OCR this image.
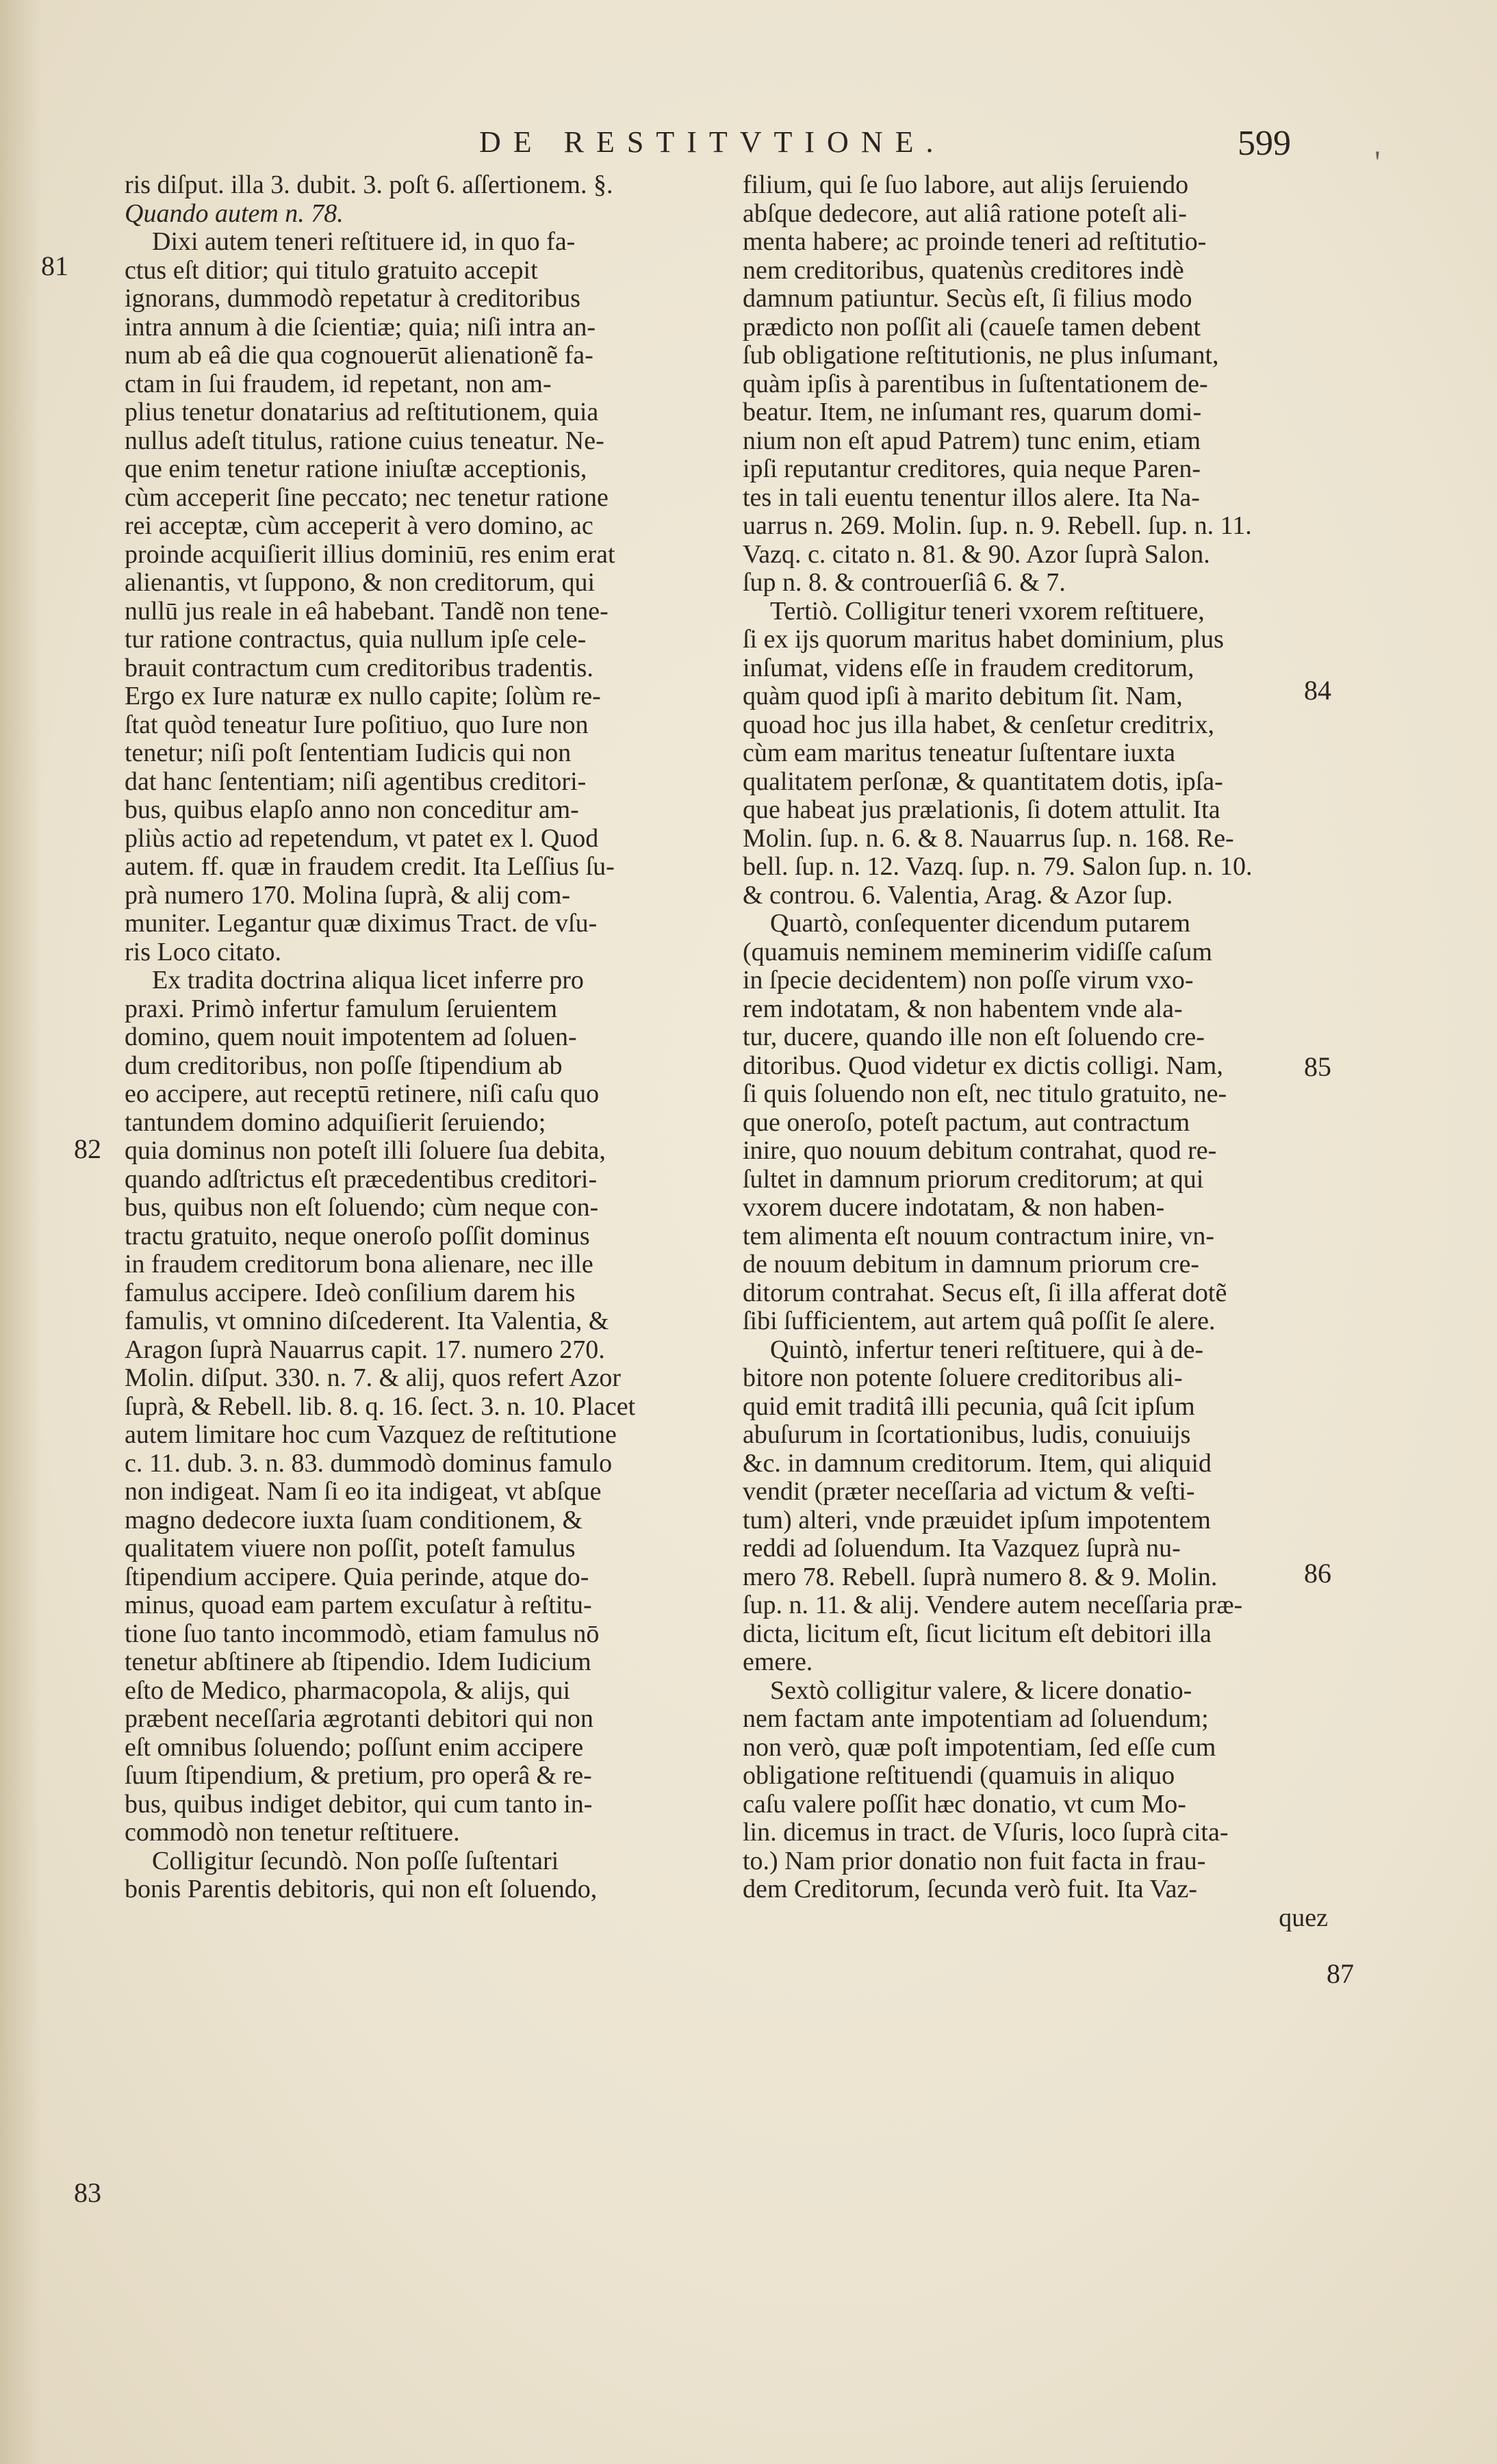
DE RESTITVTIONE.	599	'
ris diſput. illa 3. dubit. 3. poſt 6. aſſertionem. §.
Quando autem n. 78.
Dixi autem teneri reſtituere id, in quo fa-
ctus eſt ditior; qui titulo gratuito accepit
ignorans, dummodò repetatur à creditoribus
intra annum à die ſcientiæ; quia; niſi intra an-
num ab eâ die qua cognouerūt alienationẽ fa-
ctam in ſui fraudem, id repetant, non am-
plius tenetur donatarius ad reſtitutionem, quia
nullus adeſt titulus, ratione cuius teneatur. Ne-
que enim tenetur ratione iniuſtæ acceptionis,
cùm acceperit ſine peccato; nec tenetur ratione
rei acceptæ, cùm acceperit à vero domino, ac
proinde acquiſierit illius dominiū, res enim erat
alienantis, vt ſuppono, & non creditorum, qui
nullū jus reale in eâ habebant. Tandẽ non tene-
tur ratione contractus, quia nullum ipſe cele-
brauit contractum cum creditoribus tradentis.
Ergo ex Iure naturæ ex nullo capite; ſolùm re-
ſtat quòd teneatur Iure poſitiuo, quo Iure non
tenetur; niſi poſt ſententiam Iudicis qui non
dat hanc ſententiam; niſi agentibus creditori-
bus, quibus elapſo anno non conceditur am-
pliùs actio ad repetendum, vt patet ex l. Quod
autem. ff. quæ in fraudem credit. Ita Leſſius ſu-
prà numero 170. Molina ſuprà, & alij com-
muniter. Legantur quæ diximus Tract. de vſu-
ris Loco citato.
Ex tradita doctrina aliqua licet inferre pro
praxi. Primò infertur famulum ſeruientem
domino, quem nouit impotentem ad ſoluen-
dum creditoribus, non poſſe ſtipendium ab
eo accipere, aut receptū retinere, niſi caſu quo
tantundem domino adquiſierit ſeruiendo;
quia dominus non poteſt illi ſoluere ſua debita,
quando adſtrictus eſt præcedentibus creditori-
bus, quibus non eſt ſoluendo; cùm neque con-
tractu gratuito, neque oneroſo poſſit dominus
in fraudem creditorum bona alienare, nec ille
famulus accipere. Ideò conſilium darem his
famulis, vt omnino diſcederent. Ita Valentia, &
Aragon ſuprà Nauarrus capit. 17. numero 270.
Molin. diſput. 330. n. 7. & alij, quos refert Azor
ſuprà, & Rebell. lib. 8. q. 16. ſect. 3. n. 10. Placet
autem limitare hoc cum Vazquez de reſtitutione
c. 11. dub. 3. n. 83. dummodò dominus famulo
non indigeat. Nam ſi eo ita indigeat, vt abſque
magno dedecore iuxta ſuam conditionem, &
qualitatem viuere non poſſit, poteſt famulus
ſtipendium accipere. Quia perinde, atque do-
minus, quoad eam partem excuſatur à reſtitu-
tione ſuo tanto incommodò, etiam famulus nō
tenetur abſtinere ab ſtipendio. Idem Iudicium
eſto de Medico, pharmacopola, & alijs, qui
præbent neceſſaria ægrotanti debitori qui non
eſt omnibus ſoluendo; poſſunt enim accipere
ſuum ſtipendium, & pretium, pro operâ & re-
bus, quibus indiget debitor, qui cum tanto in-
commodò non tenetur reſtituere.
Colligitur ſecundò. Non poſſe ſuſtentari
bonis Parentis debitoris, qui non eſt ſoluendo,
filium, qui ſe ſuo labore, aut alijs ſeruiendo
abſque dedecore, aut aliâ ratione poteſt ali-
menta habere; ac proinde teneri ad reſtitutio-
nem creditoribus, quatenùs creditores indè
damnum patiuntur. Secùs eſt, ſi filius modo
prædicto non poſſit ali (caueſe tamen debent
ſub obligatione reſtitutionis, ne plus inſumant,
quàm ipſis à parentibus in ſuſtentationem de-
beatur. Item, ne inſumant res, quarum domi-
nium non eſt apud Patrem) tunc enim, etiam
ipſi reputantur creditores, quia neque Paren-
tes in tali euentu tenentur illos alere. Ita Na-
uarrus n. 269. Molin. ſup. n. 9. Rebell. ſup. n. 11.
Vazq. c. citato n. 81. & 90. Azor ſuprà Salon.
ſup n. 8. & controuerſiâ 6. & 7.
Tertiò. Colligitur teneri vxorem reſtituere,
ſi ex ijs quorum maritus habet dominium, plus
inſumat, videns eſſe in fraudem creditorum,
quàm quod ipſi à marito debitum ſit. Nam,
quoad hoc jus illa habet, & cenſetur creditrix,
cùm eam maritus teneatur ſuſtentare iuxta
qualitatem perſonæ, & quantitatem dotis, ipſa-
que habeat jus prælationis, ſi dotem attulit. Ita
Molin. ſup. n. 6. & 8. Nauarrus ſup. n. 168. Re-
bell. ſup. n. 12. Vazq. ſup. n. 79. Salon ſup. n. 10.
& controu. 6. Valentia, Arag. & Azor ſup.
Quartò, conſequenter dicendum putarem
(quamuis neminem meminerim vidiſſe caſum
in ſpecie decidentem) non poſſe virum vxo-
rem indotatam, & non habentem vnde ala-
tur, ducere, quando ille non eſt ſoluendo cre-
ditoribus. Quod videtur ex dictis colligi. Nam,
ſi quis ſoluendo non eſt, nec titulo gratuito, ne-
que oneroſo, poteſt pactum, aut contractum
inire, quo nouum debitum contrahat, quod re-
ſultet in damnum priorum creditorum; at qui
vxorem ducere indotatam, & non haben-
tem alimenta eſt nouum contractum inire, vn-
de nouum debitum in damnum priorum cre-
ditorum contrahat. Secus eſt, ſi illa afferat dotẽ
ſibi ſufficientem, aut artem quâ poſſit ſe alere.
Quintò, infertur teneri reſtituere, qui à de-
bitore non potente ſoluere creditoribus ali-
quid emit traditâ illi pecunia, quâ ſcit ipſum
abuſurum in ſcortationibus, ludis, conuiuijs
&c. in damnum creditorum. Item, qui aliquid
vendit (præter neceſſaria ad victum & veſti-
tum) alteri, vnde præuidet ipſum impotentem
reddi ad ſoluendum. Ita Vazquez ſuprà nu-
mero 78. Rebell. ſuprà numero 8. & 9. Molin.
ſup. n. 11. & alij. Vendere autem neceſſaria præ-
dicta, licitum eſt, ſicut licitum eſt debitori illa
emere.
Sextò colligitur valere, & licere donatio-
nem factam ante impotentiam ad ſoluendum;
non verò, quæ poſt impotentiam, ſed eſſe cum
obligatione reſtituendi (quamuis in aliquo
caſu valere poſſit hæc donatio, vt cum Mo-
lin. dicemus in tract. de Vſuris, loco ſuprà cita-
to.) Nam prior donatio non fuit facta in frau-
dem Creditorum, ſecunda verò fuit. Ita Vaz-
quez
81
82
83
84
85
86
87
